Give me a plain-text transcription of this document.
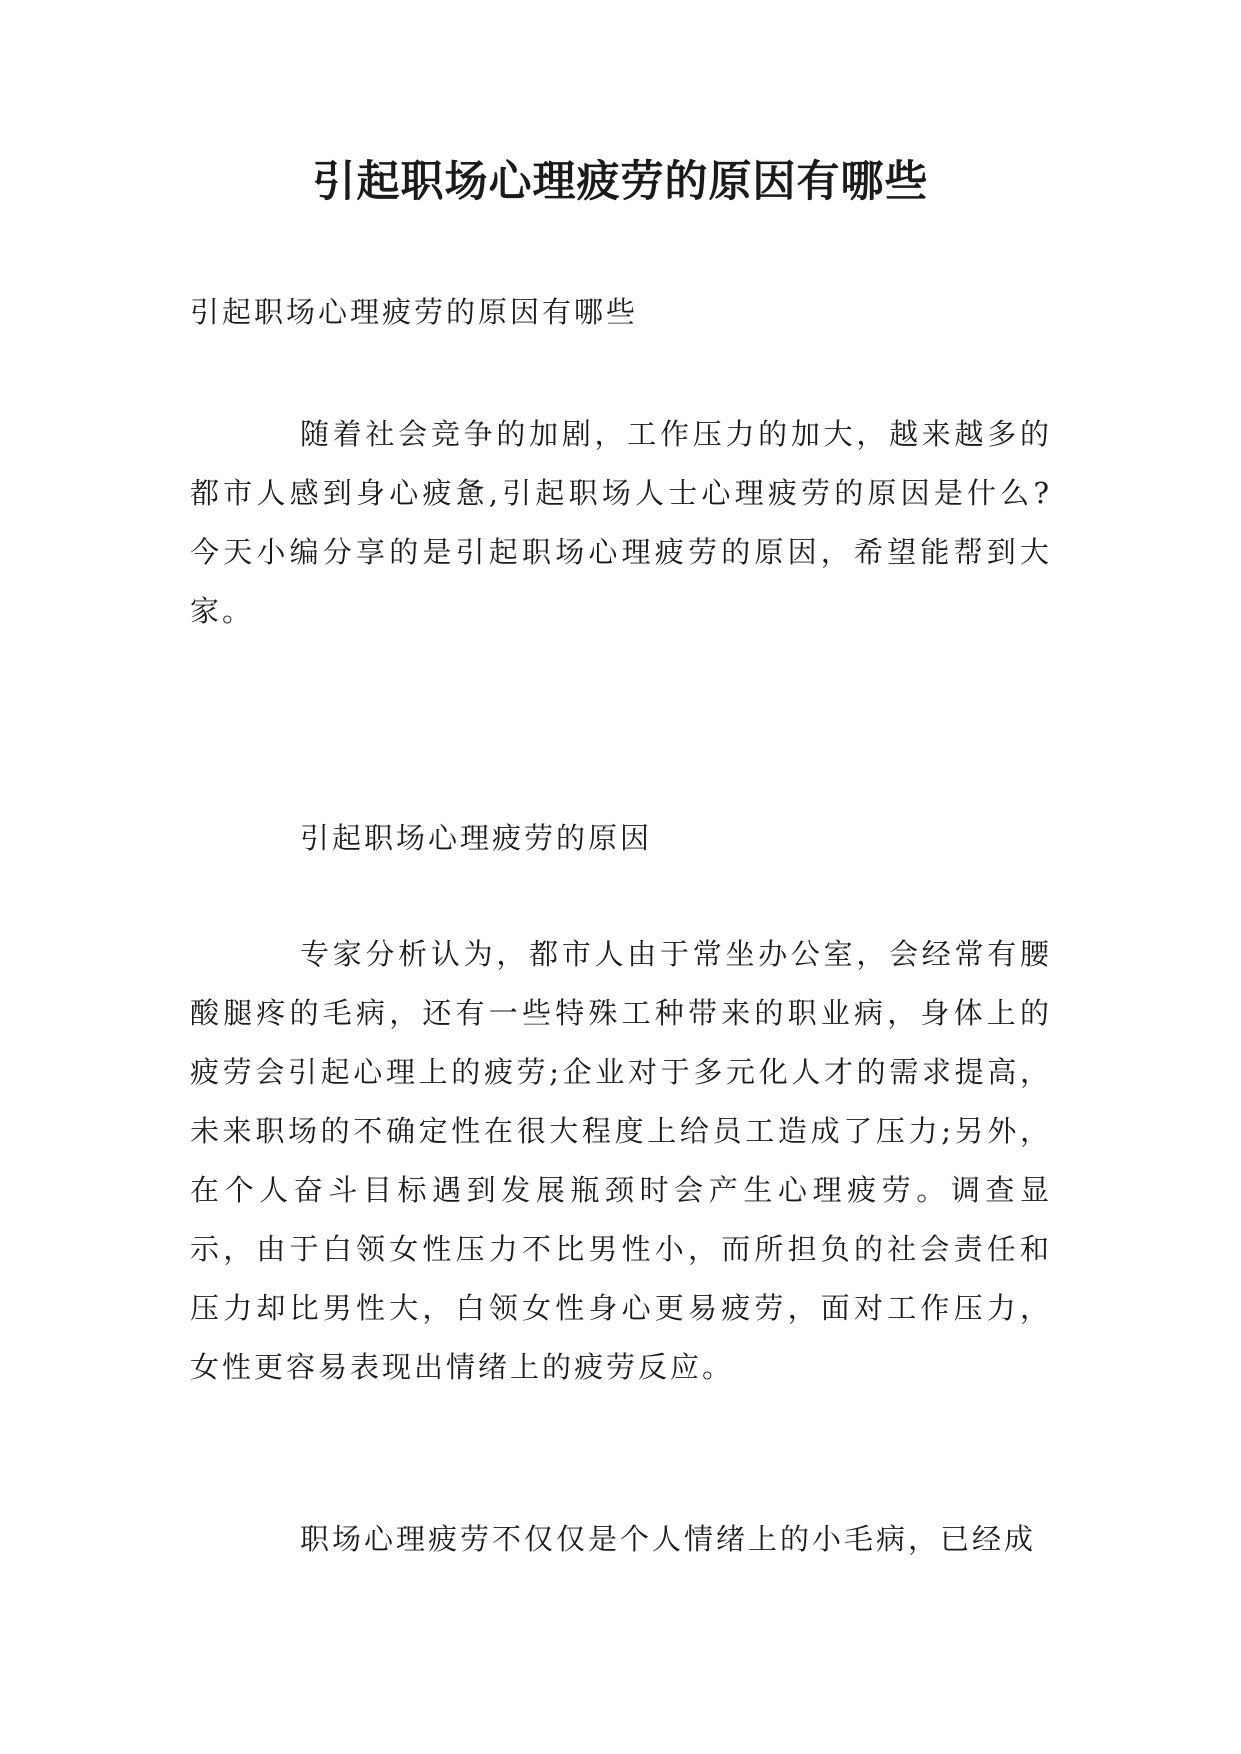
引起职场心理疲劳的原因有哪些
引起职场心理疲劳的原因有哪些

随着社会竞争的加剧，工作压力的加大，越来越多的都市人感到身心疲惫,引起职场人士心理疲劳的原因是什么?今天小编分享的是引起职场心理疲劳的原因，希望能帮到大家。

引起职场心理疲劳的原因

专家分析认为，都市人由于常坐办公室，会经常有腰酸腿疼的毛病，还有一些特殊工种带来的职业病，身体上的疲劳会引起心理上的疲劳;企业对于多元化人才的需求提高，未来职场的不确定性在很大程度上给员工造成了压力;另外，在个人奋斗目标遇到发展瓶颈时会产生心理疲劳。调查显示，由于白领女性压力不比男性小，而所担负的社会责任和压力却比男性大，白领女性身心更易疲劳，面对工作压力，女性更容易表现出情绪上的疲劳反应。

职场心理疲劳不仅仅是个人情绪上的小毛病，已经成
